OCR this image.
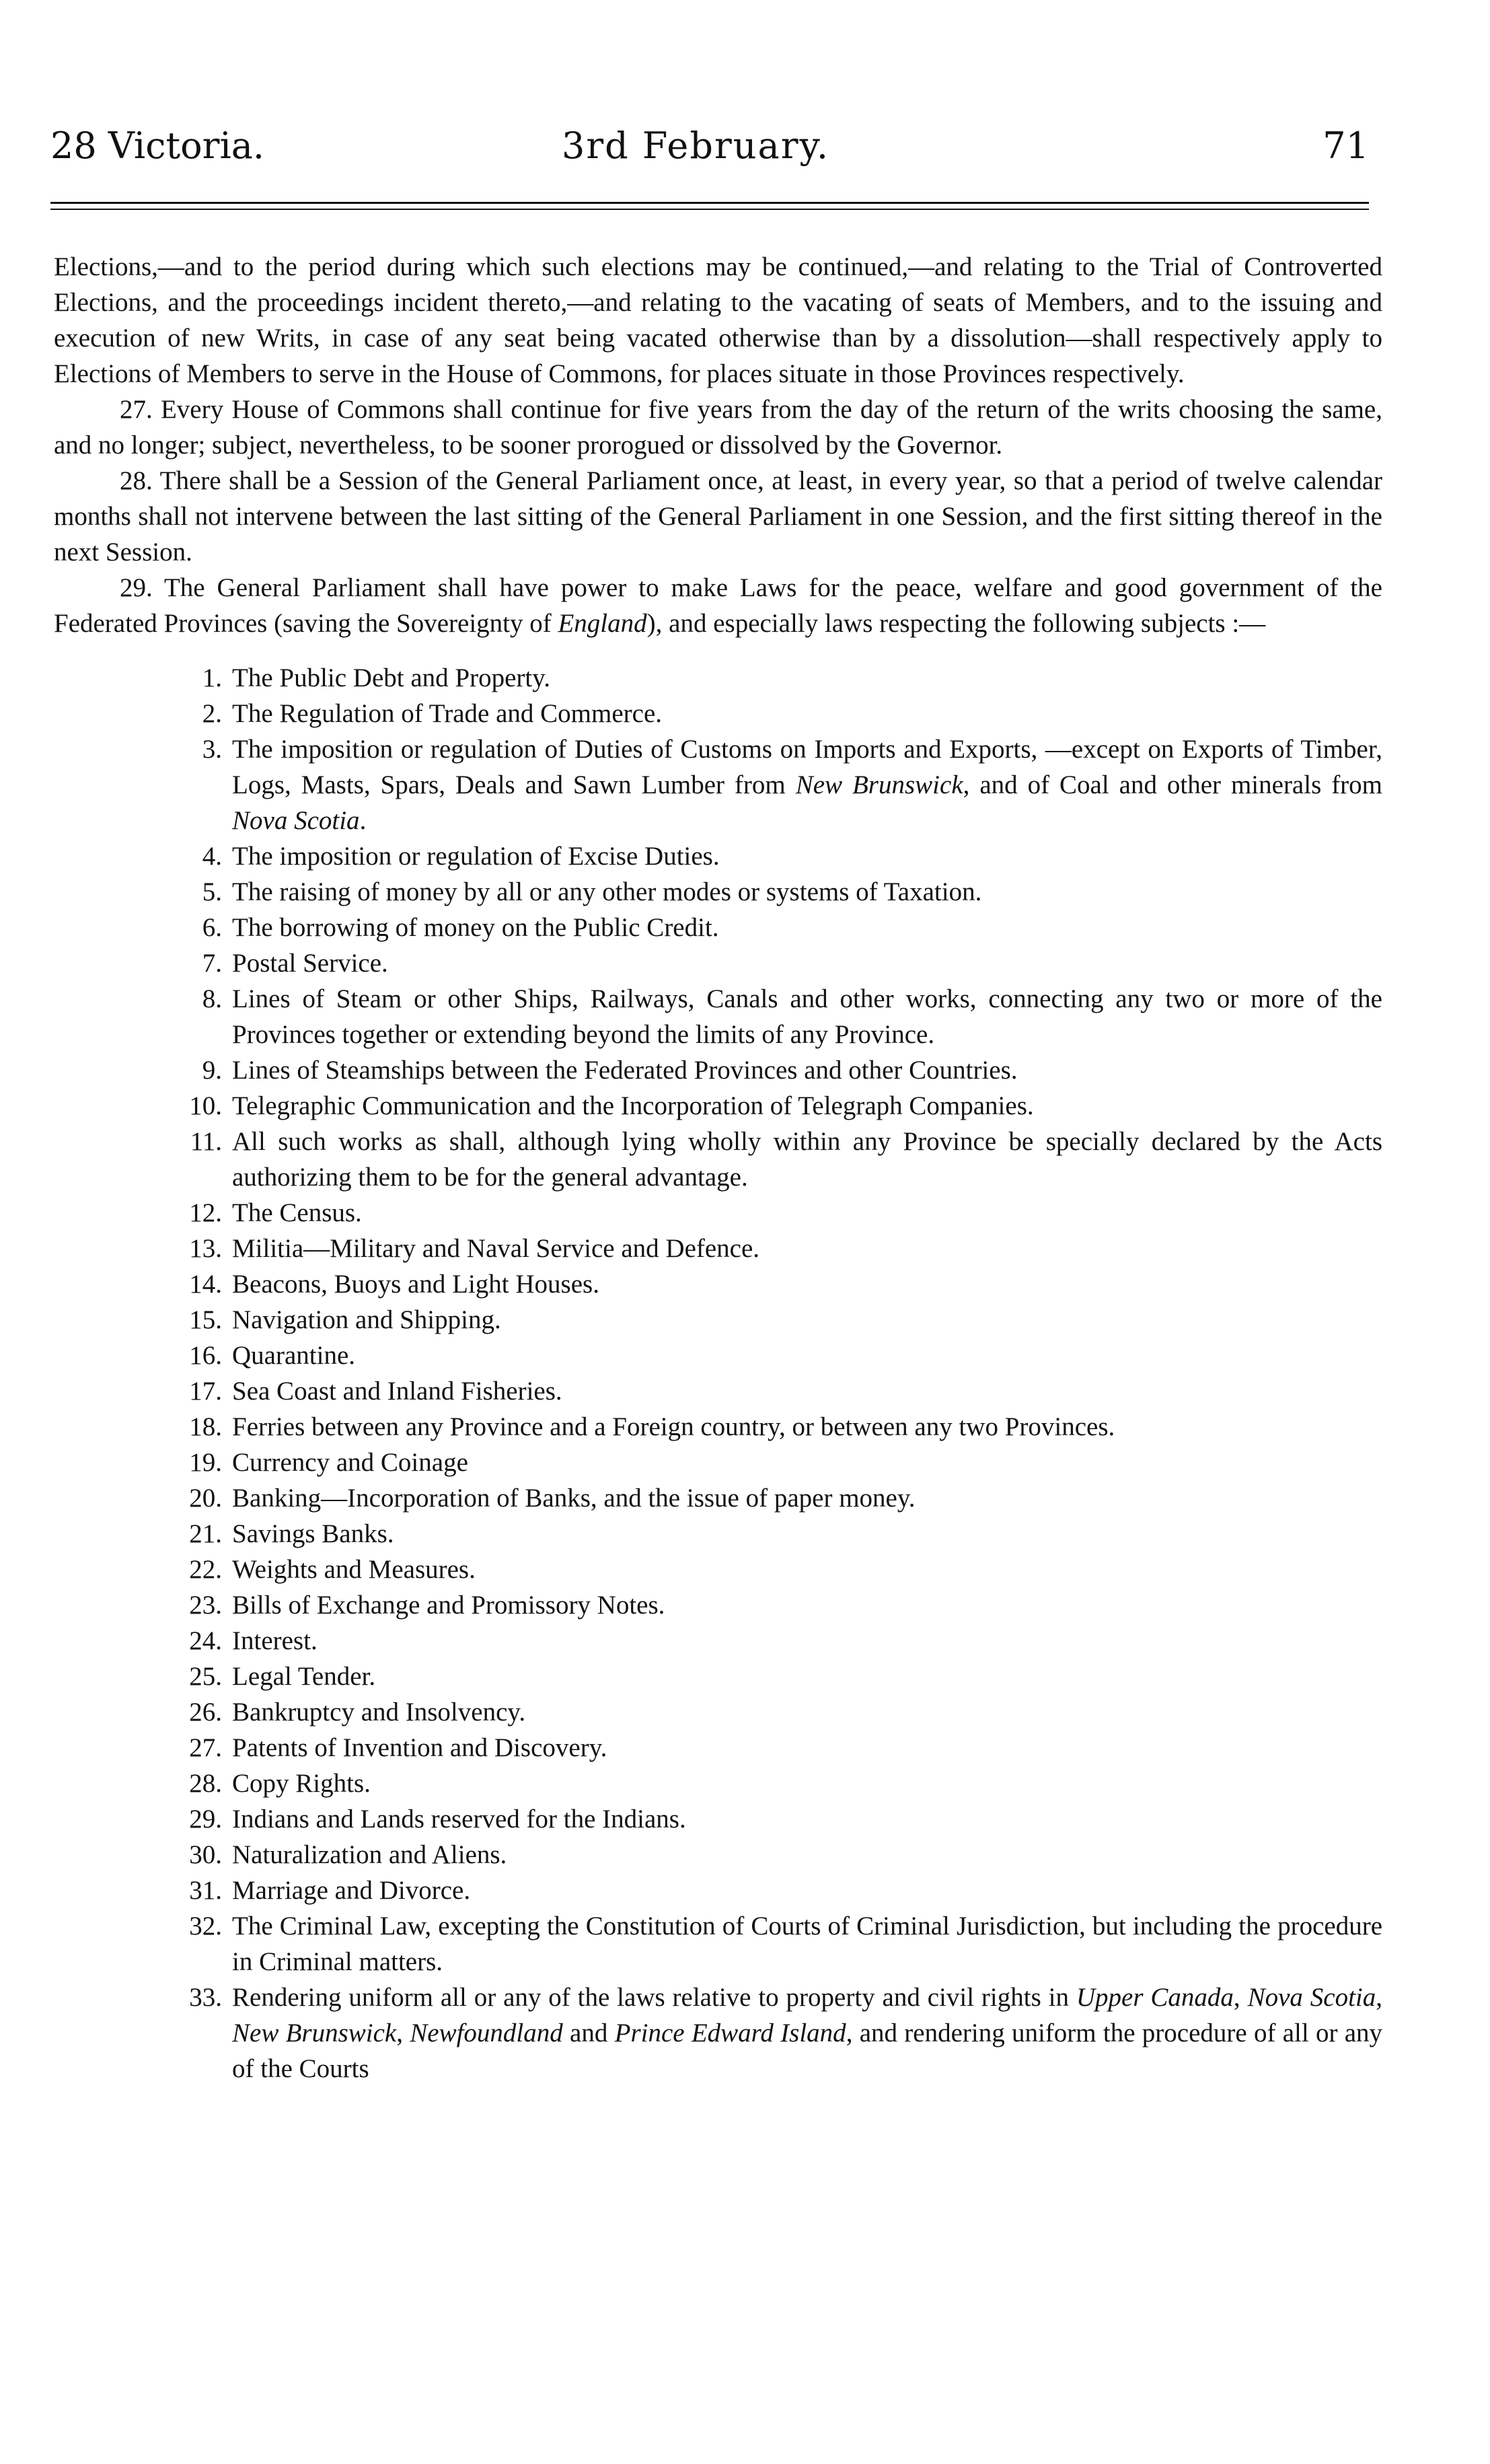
28 Victoria.	3rd February.	71

Elections,—and to the period during which such elections may be continued,—and relating to the Trial of Controverted Elections, and the proceedings incident thereto,—and relating to the vacating of seats of Members, and to the issuing and execution of new Writs, in case of any seat being vacated otherwise than by a dissolution—shall respectively apply to Elections of Members to serve in the House of Commons, for places situate in those Provinces respectively.

27. Every House of Commons shall continue for five years from the day of the return of the writs choosing the same, and no longer; subject, nevertheless, to be sooner prorogued or dissolved by the Governor.

28. There shall be a Session of the General Parliament once, at least, in every year, so that a period of twelve calendar months shall not intervene between the last sitting of the General Parliament in one Session, and the first sitting thereof in the next Session.

29. The General Parliament shall have power to make Laws for the peace, welfare and good government of the Federated Provinces (saving the Sovereignty of England), and especially laws respecting the following subjects :—

1. The Public Debt and Property.
2. The Regulation of Trade and Commerce.
3. The imposition or regulation of Duties of Customs on Imports and Exports, —except on Exports of Timber, Logs, Masts, Spars, Deals and Sawn Lumber from New Brunswick, and of Coal and other minerals from Nova Scotia.
4. The imposition or regulation of Excise Duties.
5. The raising of money by all or any other modes or systems of Taxation.
6. The borrowing of money on the Public Credit.
7. Postal Service.
8. Lines of Steam or other Ships, Railways, Canals and other works, connecting any two or more of the Provinces together or extending beyond the limits of any Province.
9. Lines of Steamships between the Federated Provinces and other Countries.
10. Telegraphic Communication and the Incorporation of Telegraph Companies.
11. All such works as shall, although lying wholly within any Province be specially declared by the Acts authorizing them to be for the general advantage.
12. The Census.
13. Militia—Military and Naval Service and Defence.
14. Beacons, Buoys and Light Houses.
15. Navigation and Shipping.
16. Quarantine.
17. Sea Coast and Inland Fisheries.
18. Ferries between any Province and a Foreign country, or between any two Provinces.
19. Currency and Coinage
20. Banking—Incorporation of Banks, and the issue of paper money.
21. Savings Banks.
22. Weights and Measures.
23. Bills of Exchange and Promissory Notes.
24. Interest.
25. Legal Tender.
26. Bankruptcy and Insolvency.
27. Patents of Invention and Discovery.
28. Copy Rights.
29. Indians and Lands reserved for the Indians.
30. Naturalization and Aliens.
31. Marriage and Divorce.
32. The Criminal Law, excepting the Constitution of Courts of Criminal Jurisdiction, but including the procedure in Criminal matters.
33. Rendering uniform all or any of the laws relative to property and civil rights in Upper Canada, Nova Scotia, New Brunswick, Newfoundland and Prince Edward Island, and rendering uniform the procedure of all or any of the Courts
